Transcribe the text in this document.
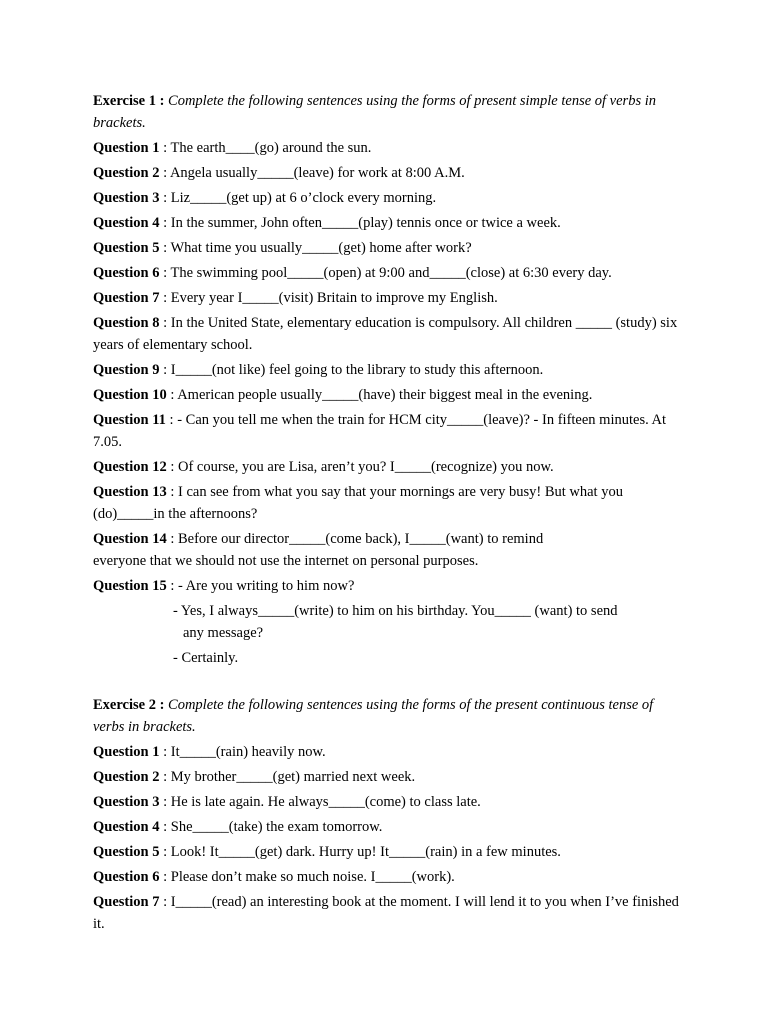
Exercise 1 : Complete the following sentences using the forms of present simple tense of verbs in brackets.
Question 1 : The earth____(go) around the sun.
Question 2 : Angela usually_____(leave) for work at 8:00 A.M.
Question 3 : Liz_____(get up) at 6 o’clock every morning.
Question 4 : In the summer, John often_____(play) tennis once or twice a week.
Question 5 : What time you usually_____(get) home after work?
Question 6 : The swimming pool_____(open) at 9:00 and_____(close) at 6:30 every day.
Question 7 : Every year I_____(visit) Britain to improve my English.
Question 8 : In the United State, elementary education is compulsory. All children _____ (study) six years of elementary school.
Question 9 : I_____(not like) feel going to the library to study this afternoon.
Question 10 : American people usually_____(have) their biggest meal in the evening.
Question 11 : - Can you tell me when the train for HCM city_____(leave)? - In fifteen minutes. At 7.05.
Question 12 : Of course, you are Lisa, aren’t you? I_____(recognize) you now.
Question 13 : I can see from what you say that your mornings are very busy! But what you (do)_____in the afternoons?
Question 14 : Before our director_____(come back), I_____(want) to remind
everyone that we should not use the internet on personal purposes.
Question 15 : - Are you writing to him now?
- Yes, I always_____(write) to him on his birthday. You_____ (want) to send
any message?
- Certainly.
Exercise 2 : Complete the following sentences using the forms of the present continuous tense of verbs in brackets.
Question 1 : It_____(rain) heavily now.
Question 2 : My brother_____(get) married next week.
Question 3 : He is late again. He always_____(come) to class late.
Question 4 : She_____(take) the exam tomorrow.
Question 5 : Look! It_____(get) dark. Hurry up! It_____(rain) in a few minutes.
Question 6 : Please don’t make so much noise. I_____(work).
Question 7 : I_____(read) an interesting book at the moment. I will lend it to you when I’ve finished it.
